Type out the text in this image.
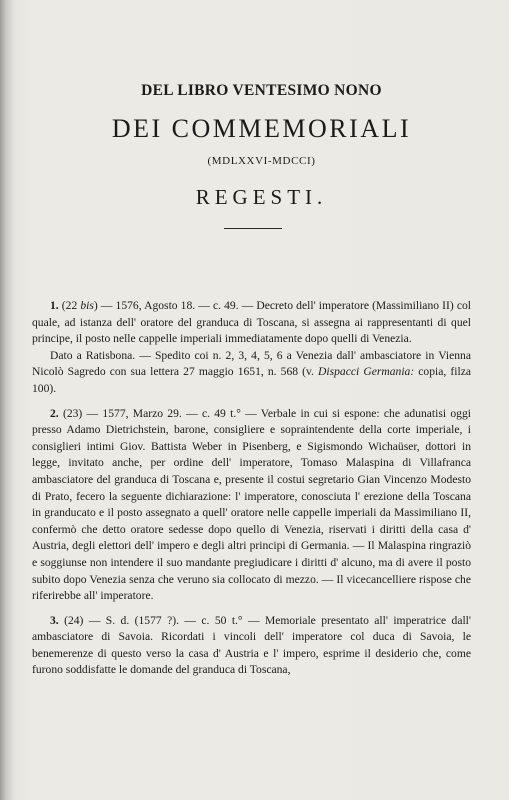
DEL LIBRO VENTESIMO NONO
DEI COMMEMORIALI
(MDLXXVI-MDCCI)
REGESTI.

1. (22 bis) — 1576, Agosto 18. — c. 49. — Decreto dell' imperatore (Massimiliano II) col quale, ad istanza dell' oratore del granduca di Toscana, si assegna ai rappresentanti di quel principe, il posto nelle cappelle imperiali immediatamente dopo quelli di Venezia.

Dato a Ratisbona. — Spedito coi n. 2, 3, 4, 5, 6 a Venezia dall' ambasciatore in Vienna Nicolò Sagredo con sua lettera 27 maggio 1651, n. 568 (v. Dispacci Germania: copia, filza 100).

2. (23) — 1577, Marzo 29. — c. 49 t.° — Verbale in cui si espone: che adunatisi oggi presso Adamo Dietrichstein, barone, consigliere e sopraintendente della corte imperiale, i consiglieri intimi Giov. Battista Weber in Pisenberg, e Sigismondo Wichaüser, dottori in legge, invitato anche, per ordine dell' imperatore, Tomaso Malaspina di Villafranca ambasciatore del granduca di Toscana e, presente il costui segretario Gian Vincenzo Modesto di Prato, fecero la seguente dichiarazione: l' imperatore, conosciuta l' erezione della Toscana in granducato e il posto assegnato a quell' oratore nelle cappelle imperiali da Massimiliano II, confermò che detto oratore sedesse dopo quello di Venezia, riservati i diritti della casa d' Austria, degli elettori dell' impero e degli altri principi di Germania. — Il Malaspina ringraziò e soggiunse non intendere il suo mandante pregiudicare i diritti d' alcuno, ma di avere il posto subito dopo Venezia senza che veruno sia collocato di mezzo. — Il vicecancelliere rispose che riferirebbe all' imperatore.

3. (24) — S. d. (1577 ?). — c. 50 t.° — Memoriale presentato all' imperatrice dall' ambasciatore di Savoia. Ricordati i vincoli dell' imperatore col duca di Savoia, le benemerenze di questo verso la casa d' Austria e l' impero, esprime il desiderio che, come furono soddisfatte le domande del granduca di Toscana,
